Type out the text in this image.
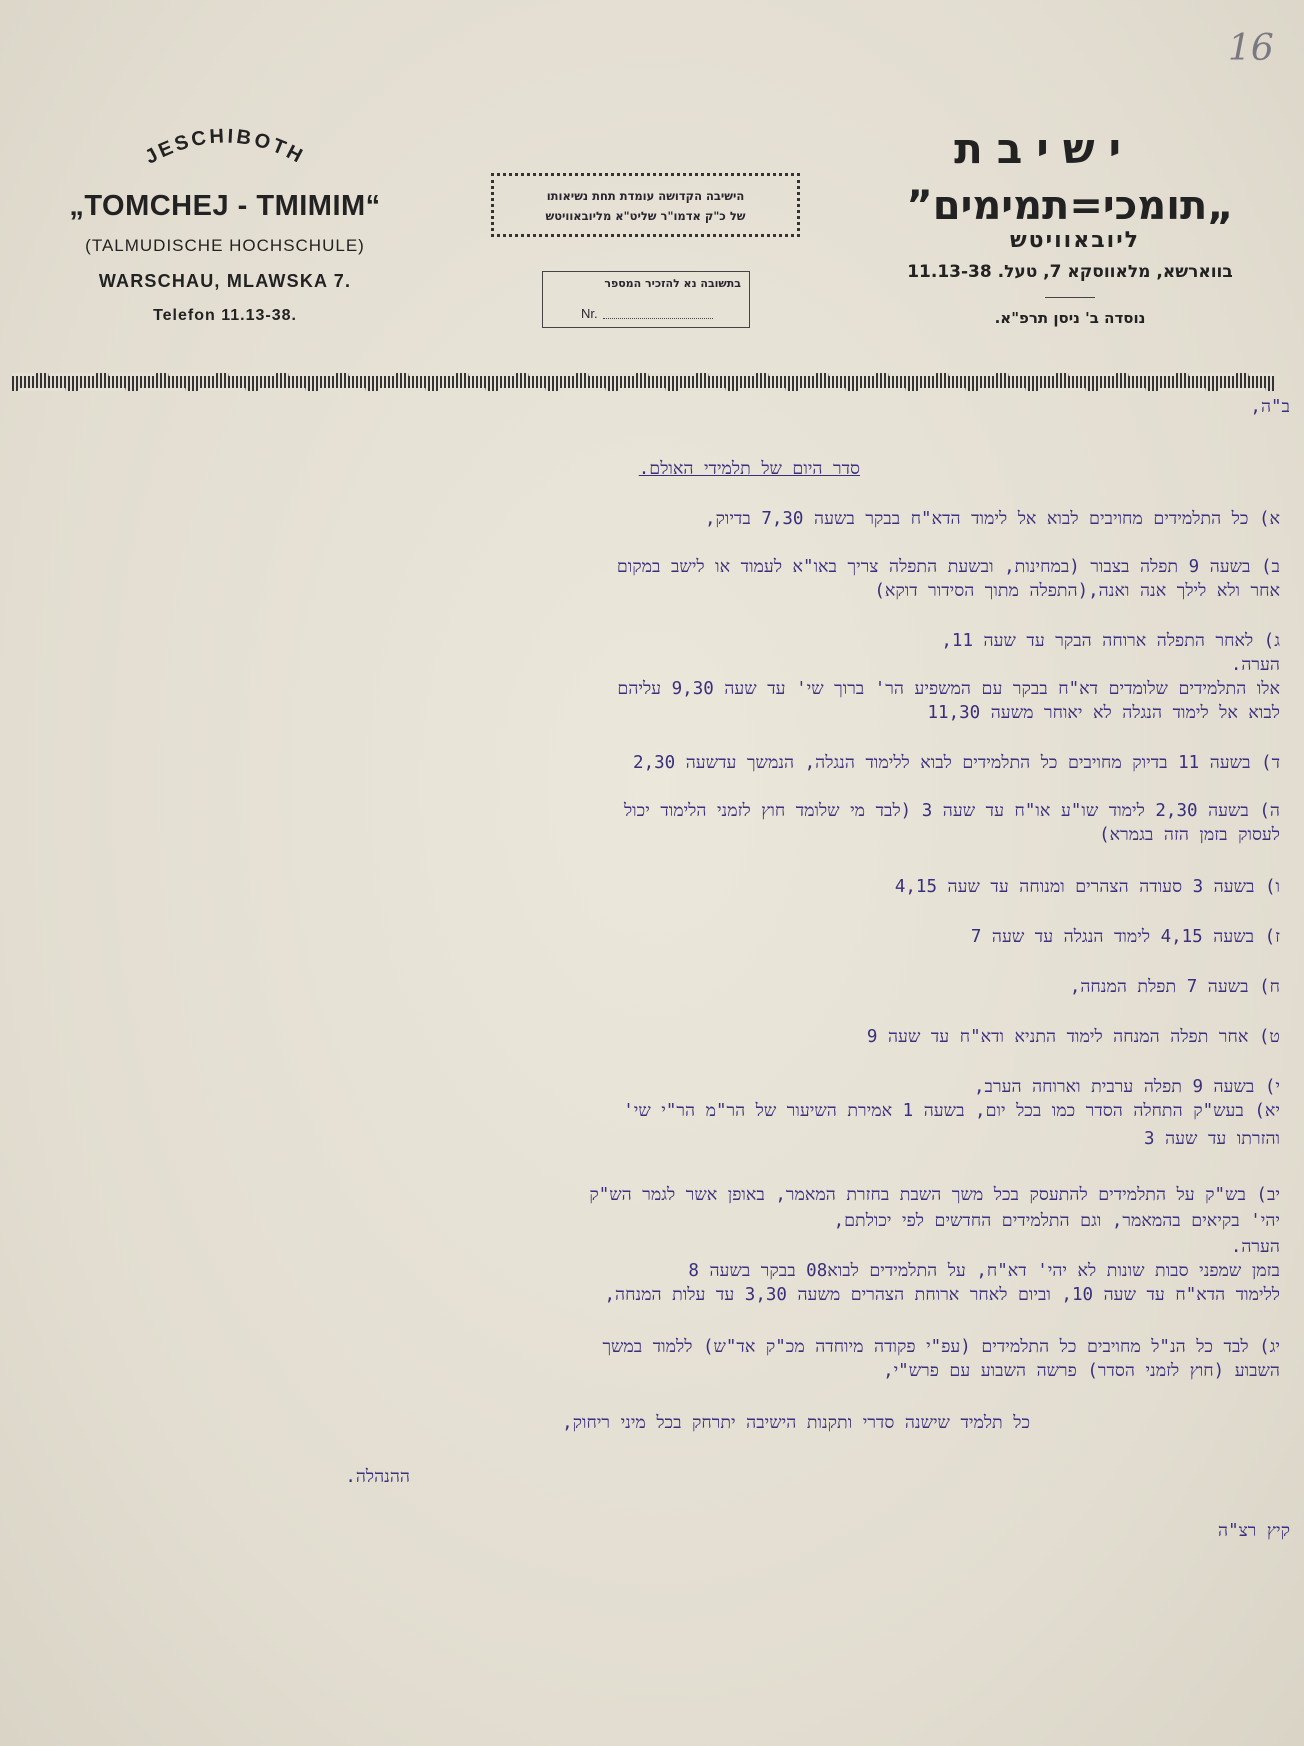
16
JESCHIBOTH
„TOMCHEJ - TMIMIM“
(TALMUDISCHE HOCHSCHULE)
WARSCHAU, MLAWSKA 7.
Telefon 11.13-38.
הישיבה הקדושה עומדת תחת נשיאותו
של כ"ק אדמו"ר שליט"א מליובאוויטש
בתשובה נא להזכיר המספר
Nr.
ישיבת
„תומכי=תמימים”
ליובאוויטש
בווארשא, מלאווסקא 7, טעל. 11.13-38
נוסדה ב' ניסן תרפ"א.
ב"ה,
סדר היום של תלמידי האולם.
א) כל התלמידים מחויבים לבוא אל לימוד הדא"ח בבקר בשעה 7,30 בדיוק,
ב) בשעה 9 תפלה בצבור (במחינות, ובשעת התפלה צריך באו"א לעמוד או לישב במקום
אחר ולא לילך אנה ואנה,(התפלה מתוך הסידור דוקא)
ג) לאחר התפלה ארוחה הבקר עד שעה 11,
הערה.
אלו התלמידים שלומדים דא"ח בבקר עם המשפיע הר' ברוך שי' עד שעה 9,30 עליהם
לבוא אל לימוד הנגלה לא יאוחר משעה 11,30
ד) בשעה 11 בדיוק מחויבים כל התלמידים לבוא ללימוד הנגלה, הנמשך עדשעה 2,30
ה) בשעה 2,30 לימוד שו"ע או"ח עד שעה 3 (לבד מי שלומד חוץ לזמני הלימוד יכול
לעסוק בזמן הזה בגמרא)
ו) בשעה 3 סעודה הצהרים ומנוחה עד שעה 4,15
ז) בשעה 4,15 לימוד הנגלה עד שעה 7
ח) בשעה 7 תפלת המנחה,
ט) אחר תפלה המנחה לימוד התניא ודא"ח עד שעה 9
י) בשעה 9 תפלה ערבית וארוחה הערב,
יא) בעש"ק התחלה הסדר כמו בכל יום, בשעה 1 אמירת השיעור של הר"מ הר"י שי'
והזרתו עד שעה 3
יב) בש"ק על התלמידים להתעסק בכל משך השבת בחזרת המאמר, באופן אשר לגמר הש"ק
יהי' בקיאים בהמאמר, וגם התלמידים החדשים לפי יכולתם,
הערה.
בזמן שמפני סבות שונות לא יהי' דא"ח, על התלמידים לבוא08 בבקר בשעה 8
ללימוד הדא"ח עד שעה 10, וביום לאחר ארוחת הצהרים משעה 3,30 עד עלות המנחה,
יג) לבד כל הנ"ל מחויבים כל התלמידים (עפ"י פקודה מיוחדה מכ"ק אד"ש) ללמוד במשך
השבוע (חוץ לזמני הסדר) פרשה השבוע עם פרש"י,
כל תלמיד שישנה סדרי ותקנות הישיבה יתרחק בכל מיני ריחוק,
ההנהלה.
קיץ רצ"ה
